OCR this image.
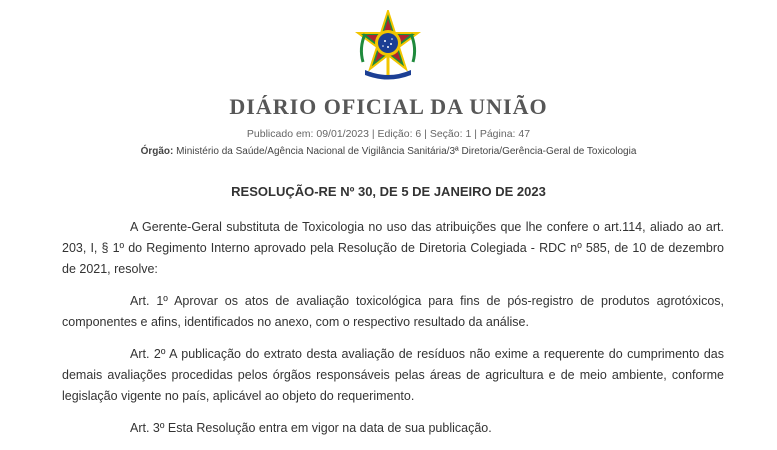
DIÁRIO OFICIAL DA UNIÃO
Publicado em: 09/01/2023 | Edição: 6 | Seção: 1 | Página: 47
Órgão: Ministério da Saúde/Agência Nacional de Vigilância Sanitária/3ª Diretoria/Gerência-Geral de Toxicologia
RESOLUÇÃO-RE Nº 30, DE 5 DE JANEIRO DE 2023

A Gerente-Geral substituta de Toxicologia no uso das atribuições que lhe confere o art.114, aliado ao art. 203, I, § 1º do Regimento Interno aprovado pela Resolução de Diretoria Colegiada - RDC nº 585, de 10 de dezembro de 2021, resolve:

Art. 1º Aprovar os atos de avaliação toxicológica para fins de pós-registro de produtos agrotóxicos, componentes e afins, identificados no anexo, com o respectivo resultado da análise.

Art. 2º A publicação do extrato desta avaliação de resíduos não exime a requerente do cumprimento das demais avaliações procedidas pelos órgãos responsáveis pelas áreas de agricultura e de meio ambiente, conforme legislação vigente no país, aplicável ao objeto do requerimento.

Art. 3º Esta Resolução entra em vigor na data de sua publicação.
